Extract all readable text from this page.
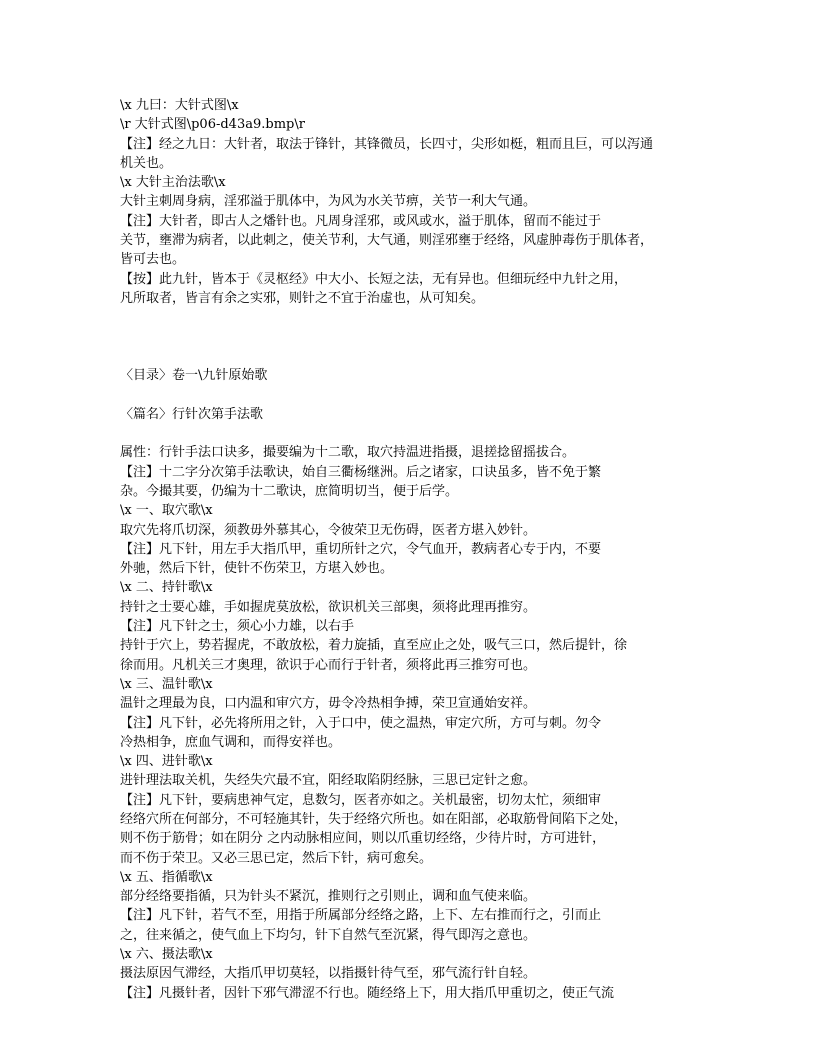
\x 九曰：大针式图\x
\r 大针式图\p06-d43a9.bmp\r
【注】经之九日：大针者，取法于锋针，其锋微员，长四寸，尖形如梃，粗而且巨，可以泻通
机关也。
\x 大针主治法歌\x
大针主刺周身病，淫邪溢于肌体中，为风为水关节痹，关节一利大气通。
【注】大针者，即古人之燔针也。凡周身淫邪，或风或水，溢于肌体，留而不能过于
关节，壅滞为病者，以此刺之，使关节利，大气通，则淫邪壅于经络，风虚肿毒伤于肌体者，
皆可去也。
【按】此九针，皆本于《灵枢经》中大小、长短之法，无有异也。但细玩经中九针之用，
凡所取者，皆言有余之实邪，则针之不宜于治虚也，从可知矣。
〈目录〉卷一\九针原始歌
〈篇名〉行针次第手法歌
属性：行针手法口诀多，撮要编为十二歌，取穴持温进指摄，退搓捻留摇拔合。
【注】十二字分次第手法歌诀，始自三衢杨继洲。后之诸家，口诀虽多，皆不免于繁
杂。今撮其要，仍编为十二歌诀，庶简明切当，便于后学。
\x 一、取穴歌\x
取穴先将爪切深，须教毋外慕其心，令彼荣卫无伤碍，医者方堪入妙针。
【注】凡下针，用左手大指爪甲，重切所针之穴，令气血开，教病者心专于内，不要
外驰，然后下针，使针不伤荣卫，方堪入妙也。
\x 二、持针歌\x
持针之士要心雄，手如握虎莫放松，欲识机关三部奥，须将此理再推穷。
【注】凡下针之士，须心小力雄，以右手
持针于穴上，势若握虎，不敢放松，着力旋插，直至应止之处，吸气三口，然后提针，徐
徐而用。凡机关三才奥理，欲识于心而行于针者，须将此再三推穷可也。
\x 三、温针歌\x
温针之理最为良，口内温和审穴方，毋令冷热相争搏，荣卫宣通始安祥。
【注】凡下针，必先将所用之针，入于口中，使之温热，审定穴所，方可与刺。勿令
冷热相争，庶血气调和，而得安祥也。
\x 四、进针歌\x
进针理法取关机，失经失穴最不宜，阳经取陷阴经脉，三思已定针之愈。
【注】凡下针，要病患神气定，息数匀，医者亦如之。关机最密，切勿太忙，须细审
经络穴所在何部分，不可轻施其针，失于经络穴所也。如在阳部，必取筋骨间陷下之处，
则不伤于筋骨；如在阴分 之内动脉相应间，则以爪重切经络，少待片时，方可进针，
而不伤于荣卫。又必三思已定，然后下针，病可愈矣。
\x 五、指循歌\x
部分经络要指循，只为针头不紧沉，推则行之引则止，调和血气使来临。
【注】凡下针，若气不至，用指于所属部分经络之路，上下、左右推而行之，引而止
之，往来循之，使气血上下均匀，针下自然气至沉紧，得气即泻之意也。
\x 六、摄法歌\x
摄法原因气滞经，大指爪甲切莫轻，以指摄针待气至，邪气流行针自轻。
【注】凡摄针者，因针下邪气滞涩不行也。随经络上下，用大指爪甲重切之，使正气流
